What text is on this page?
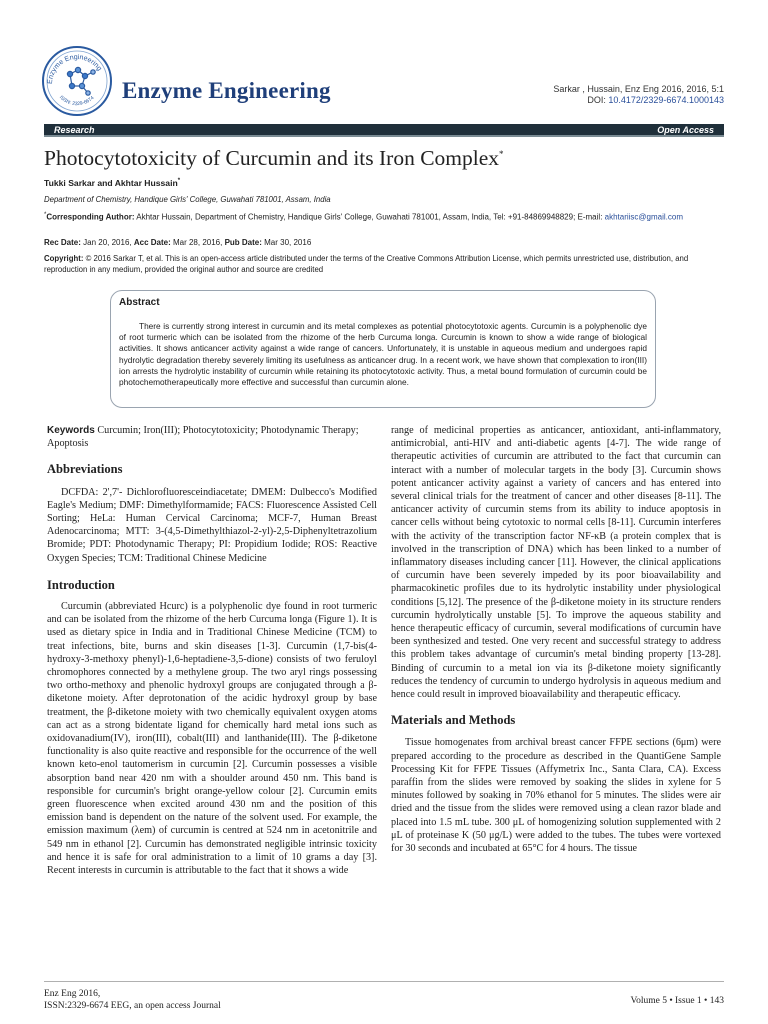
Enzyme Engineering
ISSN: 2329-6674 Enzyme Engineering	Sarkar , Hussain, Enz Eng 2016, 2016, 5:1
DOI: 10.4172/2329-6674.1000143
Research	Open Access
Photocytotoxicity of Curcumin and its Iron Complex*
Tukki Sarkar and Akhtar Hussain*
Department of Chemistry, Handique Girls' College, Guwahati 781001, Assam, India
*Corresponding Author: Akhtar Hussain, Department of Chemistry, Handique Girls' College, Guwahati 781001, Assam, India, Tel: +91-84869948829; E-mail: akhtariisc@gmail.com
Rec Date: Jan 20, 2016, Acc Date: Mar 28, 2016, Pub Date: Mar 30, 2016
Copyright: © 2016 Sarkar T, et al. This is an open-access article distributed under the terms of the Creative Commons Attribution License, which permits unrestricted use, distribution, and reproduction in any medium, provided the original author and source are credited
Abstract

There is currently strong interest in curcumin and its metal complexes as potential photocytotoxic agents. Curcumin is a polyphenolic dye of root turmeric which can be isolated from the rhizome of the herb Curcuma longa. Curcumin is known to show a wide range of biological activities. It shows anticancer activity against a wide range of cancers. Unfortunately, it is unstable in aqueous medium and undergoes rapid hydrolytic degradation thereby severely limiting its usefulness as anticancer drug. In a recent work, we have shown that complexation to iron(III) ion arrests the hydrolytic instability of curcumin while retaining its photocytotoxic activity. Thus, a metal bound formulation of curcumin could be photochemotherapeutically more effective and successful than curcumin alone.

Keywords Curcumin; Iron(III); Photocytotoxicity; Photodynamic Therapy; Apoptosis

Abbreviations

DCFDA: 2',7'- Dichlorofluoresceindiacetate; DMEM: Dulbecco's Modified Eagle's Medium; DMF: Dimethylformamide; FACS: Fluorescence Assisted Cell Sorting; HeLa: Human Cervical Carcinoma; MCF-7, Human Breast Adenocarcinoma; MTT: 3-(4,5-Dimethylthiazol-2-yl)-2,5-Diphenyltetrazolium Bromide; PDT: Photodynamic Therapy; PI: Propidium Iodide; ROS: Reactive Oxygen Species; TCM: Traditional Chinese Medicine

Introduction

Curcumin (abbreviated Hcurc) is a polyphenolic dye found in root turmeric and can be isolated from the rhizome of the herb Curcuma longa (Figure 1). It is used as dietary spice in India and in Traditional Chinese Medicine (TCM) to treat infections, bite, burns and skin diseases [1-3]. Curcumin (1,7-bis(4-hydroxy-3-methoxy phenyl)-1,6-heptadiene-3,5-dione) consists of two feruloyl chromophores connected by a methylene group. The two aryl rings possessing two ortho-methoxy and phenolic hydroxyl groups are conjugated through a β-diketone moiety. After deprotonation of the acidic hydroxyl group by base treatment, the β-diketone moiety with two chemically equivalent oxygen atoms can act as a strong bidentate ligand for chemically hard metal ions such as oxidovanadium(IV), iron(III), cobalt(III) and lanthanide(III). The β-diketone functionality is also quite reactive and responsible for the occurrence of the well known keto-enol tautomerism in curcumin [2]. Curcumin possesses a visible absorption band near 420 nm with a shoulder around 450 nm. This band is responsible for curcumin's bright orange-yellow colour [2]. Curcumin emits green fluorescence when excited around 430 nm and the position of this emission band is dependent on the nature of the solvent used. For example, the emission maximum (λem) of curcumin is centred at 524 nm in acetonitrile and 549 nm in ethanol [2]. Curcumin has demonstrated negligible intrinsic toxicity and hence it is safe for oral administration to a limit of 10 grams a day [3]. Recent interests in curcumin is attributable to the fact that it shows a wide

range of medicinal properties as anticancer, antioxidant, anti-inflammatory, antimicrobial, anti-HIV and anti-diabetic agents [4-7]. The wide range of therapeutic activities of curcumin are attributed to the fact that curcumin can interact with a number of molecular targets in the body [3]. Curcumin shows potent anticancer activity against a variety of cancers and has entered into several clinical trials for the treatment of cancer and other diseases [8-11]. The anticancer activity of curcumin stems from its ability to induce apoptosis in cancer cells without being cytotoxic to normal cells [8-11]. Curcumin interferes with the activity of the transcription factor NF-κB (a protein complex that is involved in the transcription of DNA) which has been linked to a number of inflammatory diseases including cancer [11]. However, the clinical applications of curcumin have been severely impeded by its poor bioavailability and pharmacokinetic profiles due to its hydrolytic instability under physiological conditions [5,12]. The presence of the β-diketone moiety in its structure renders curcumin hydrolytically unstable [5]. To improve the aqueous stability and hence therapeutic efficacy of curcumin, several modifications of curcumin have been synthesized and tested. One very recent and successful strategy to address this problem takes advantage of curcumin's metal binding property [13-28]. Binding of curcumin to a metal ion via its β-diketone moiety significantly reduces the tendency of curcumin to undergo hydrolysis in aqueous medium and hence could result in improved bioavailability and therapeutic efficacy.

Materials and Methods

Tissue homogenates from archival breast cancer FFPE sections (6μm) were prepared according to the procedure as described in the QuantiGene Sample Processing Kit for FFPE Tissues (Affymetrix Inc., Santa Clara, CA). Excess paraffin from the slides were removed by soaking the slides in xylene for 5 minutes followed by soaking in 70% ethanol for 5 minutes. The slides were air dried and the tissue from the slides were removed using a clean razor blade and placed into 1.5 mL tube. 300 μL of homogenizing solution supplemented with 2 μL of proteinase K (50 μg/L) were added to the tubes. The tubes were vortexed for 30 seconds and incubated at 65°C for 4 hours. The tissue

Enz Eng 2016,
ISSN:2329-6674 EEG, an open access Journal	Volume 5 • Issue 1 • 143
